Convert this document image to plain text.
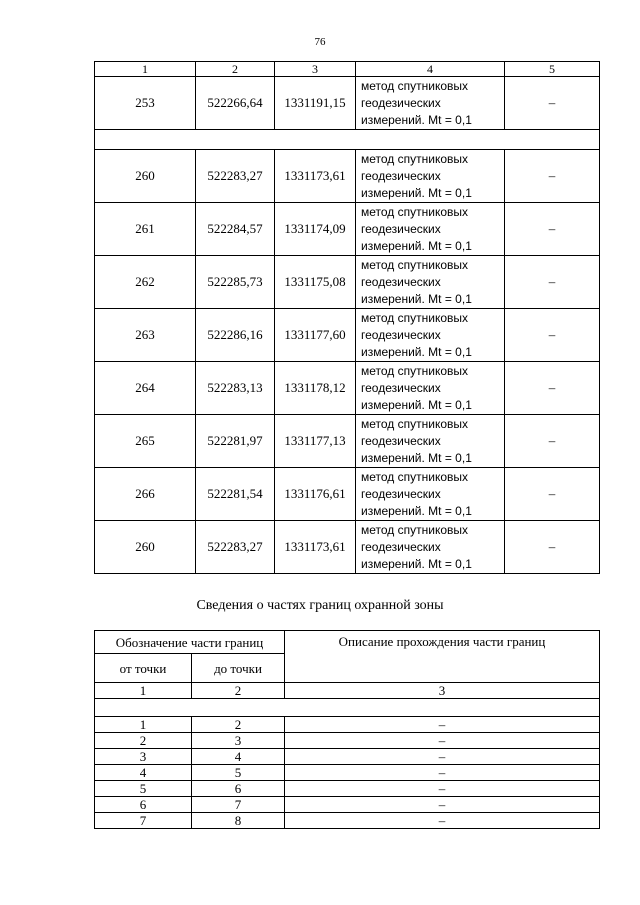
76
1	2	3	4	5
253	522266,64	1331191,15	метод спутниковых
геодезических
измерений. Mt = 0,1	–

260	522283,27	1331173,61	метод спутниковых
геодезических
измерений. Mt = 0,1	–
261	522284,57	1331174,09	метод спутниковых
геодезических
измерений. Mt = 0,1	–
262	522285,73	1331175,08	метод спутниковых
геодезических
измерений. Mt = 0,1	–
263	522286,16	1331177,60	метод спутниковых
геодезических
измерений. Mt = 0,1	–
264	522283,13	1331178,12	метод спутниковых
геодезических
измерений. Mt = 0,1	–
265	522281,97	1331177,13	метод спутниковых
геодезических
измерений. Mt = 0,1	–
266	522281,54	1331176,61	метод спутниковых
геодезических
измерений. Mt = 0,1	–
260	522283,27	1331173,61	метод спутниковых
геодезических
измерений. Mt = 0,1	–
Сведения о частях границ охранной зоны
Обозначение части границ		Описание прохождения части границ
от точки	до точки	
1	2	3

1	2	–
2	3	–
3	4	–
4	5	–
5	6	–
6	7	–
7	8	–
